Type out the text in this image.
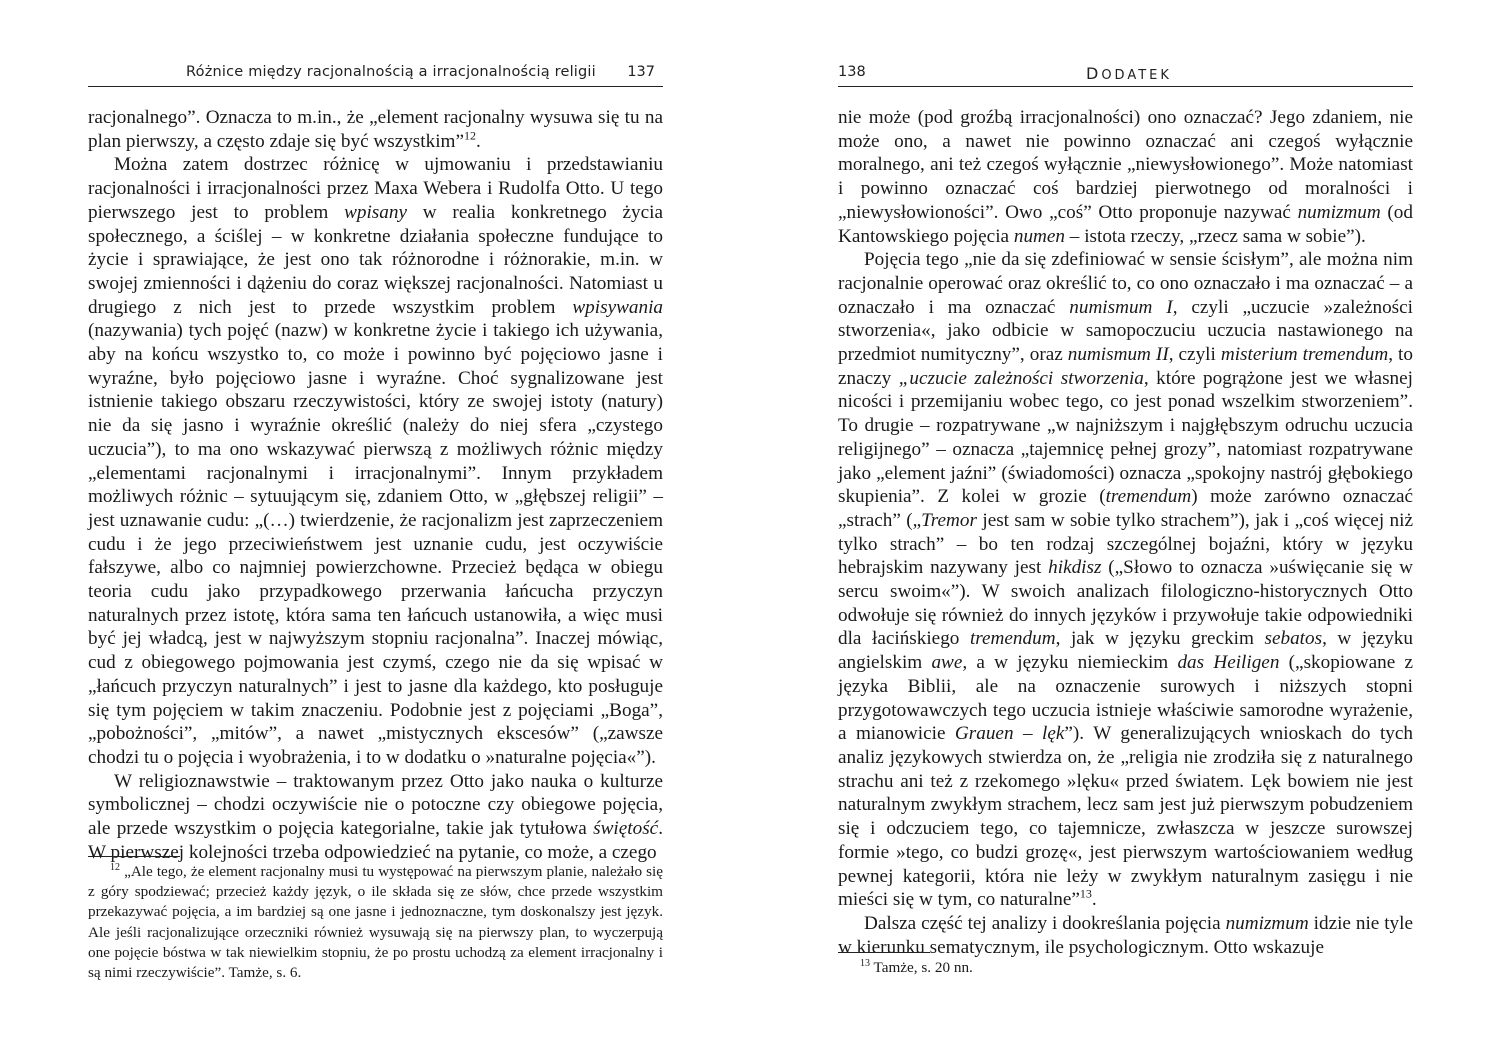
Różnice między racjonalnością a irracjonalnością religii 137

racjonalnego”. Oznacza to m.in., że „element racjonalny wysuwa się tu na plan pierwszy, a często zdaje się być wszystkim”$^{12}$.

Można zatem dostrzec różnicę w ujmowaniu i przedstawianiu racjonalności i irracjonalności przez Maxa Webera i Rudolfa Otto. U tego pierwszego jest to problem wpisany w realia konkretnego życia społecznego, a ściślej – w konkretne działania społeczne fundujące to życie i sprawiające, że jest ono tak różnorodne i różnorakie, m.in. w swojej zmienności i dążeniu do coraz większej racjonalności. Natomiast u drugiego z nich jest to przede wszystkim problem wpisywania (nazywania) tych pojęć (nazw) w konkretne życie i takiego ich używania, aby na końcu wszystko to, co może i powinno być pojęciowo jasne i wyraźne, było pojęciowo jasne i wyraźne. Choć sygnalizowane jest istnienie takiego obszaru rzeczywistości, który ze swojej istoty (natury) nie da się jasno i wyraźnie określić (należy do niej sfera „czystego uczucia”), to ma ono wskazywać pierwszą z możliwych różnic między „elementami racjonalnymi i irracjonalnymi”. Innym przykładem możliwych różnic – sytuującym się, zdaniem Otto, w „głębszej religii” – jest uznawanie cudu: „(…) twierdzenie, że racjonalizm jest zaprzeczeniem cudu i że jego przeciwieństwem jest uznanie cudu, jest oczywiście fałszywe, albo co najmniej powierzchowne. Przecież będąca w obiegu teoria cudu jako przypadkowego przerwania łańcucha przyczyn naturalnych przez istotę, która sama ten łańcuch ustanowiła, a więc musi być jej władcą, jest w najwyższym stopniu racjonalna”. Inaczej mówiąc, cud z obiegowego pojmowania jest czymś, czego nie da się wpisać w „łańcuch przyczyn naturalnych” i jest to jasne dla każdego, kto posługuje się tym pojęciem w takim znaczeniu. Podobnie jest z pojęciami „Boga”, „pobożności”, „mitów”, a nawet „mistycznych ekscesów” („zawsze chodzi tu o pojęcia i wyobrażenia, i to w dodatku o »naturalne pojęcia«”).

W religioznawstwie – traktowanym przez Otto jako nauka o kulturze symbolicznej – chodzi oczywiście nie o potoczne czy obiegowe pojęcia, ale przede wszystkim o pojęcia kategorialne, takie jak tytułowa świętość. W pierwszej kolejności trzeba odpowiedzieć na pytanie, co może, a czego

$^{12}$ „Ale tego, że element racjonalny musi tu występować na pierwszym planie, należało się z góry spodziewać; przecież każdy język, o ile składa się ze słów, chce przede wszystkim przekazywać pojęcia, a im bardziej są one jasne i jednoznaczne, tym doskonalszy jest język. Ale jeśli racjonalizujące orzeczniki również wysuwają się na pierwszy plan, to wyczerpują one pojęcie bóstwa w tak niewielkim stopniu, że po prostu uchodzą za element irracjonalny i są nimi rzeczywiście”. Tamże, s. 6.

138	DODATEK

nie może (pod groźbą irracjonalności) ono oznaczać? Jego zdaniem, nie może ono, a nawet nie powinno oznaczać ani czegoś wyłącznie moralnego, ani też czegoś wyłącznie „niewysłowionego”. Może natomiast i powinno oznaczać coś bardziej pierwotnego od moralności i „niewysłowioności”. Owo „coś” Otto proponuje nazywać numizmum (od Kantowskiego pojęcia numen – istota rzeczy, „rzecz sama w sobie”).

Pojęcia tego „nie da się zdefiniować w sensie ścisłym”, ale można nim racjonalnie operować oraz określić to, co ono oznaczało i ma oznaczać – a oznaczało i ma oznaczać numismum I, czyli „uczucie »zależności stworzenia«, jako odbicie w samopoczuciu uczucia nastawionego na przedmiot numityczny”, oraz numismum II, czyli misterium tremendum, to znaczy „uczucie zależności stworzenia, które pogrążone jest we własnej nicości i przemijaniu wobec tego, co jest ponad wszelkim stworzeniem”. To drugie – rozpatrywane „w najniższym i najgłębszym odruchu uczucia religijnego” – oznacza „tajemnicę pełnej grozy”, natomiast rozpatrywane jako „element jaźni” (świadomości) oznacza „spokojny nastrój głębokiego skupienia”. Z kolei w grozie (tremendum) może zarówno oznaczać „strach” („Tremor jest sam w sobie tylko strachem”), jak i „coś więcej niż tylko strach” – bo ten rodzaj szczególnej bojaźni, który w języku hebrajskim nazywany jest hikdisz („Słowo to oznacza »uświęcanie się w sercu swoim«”). W swoich analizach filologiczno-historycznych Otto odwołuje się również do innych języków i przywołuje takie odpowiedniki dla łacińskiego tremendum, jak w języku greckim sebatos, w języku angielskim awe, a w języku niemieckim das Heiligen („skopiowane z języka Biblii, ale na oznaczenie surowych i niższych stopni przygotowawczych tego uczucia istnieje właściwie samorodne wyrażenie, a mianowicie Grauen – lęk”). W generalizujących wnioskach do tych analiz językowych stwierdza on, że „religia nie zrodziła się z naturalnego strachu ani też z rzekomego »lęku« przed światem. Lęk bowiem nie jest naturalnym zwykłym strachem, lecz sam jest już pierwszym pobudzeniem się i odczuciem tego, co tajemnicze, zwłaszcza w jeszcze surowszej formie »tego, co budzi grozę«, jest pierwszym wartościowaniem według pewnej kategorii, która nie leży w zwykłym naturalnym zasięgu i nie mieści się w tym, co naturalne”$^{13}$.

Dalsza część tej analizy i dookreślania pojęcia numizmum idzie nie tyle w kierunku sematycznym, ile psychologicznym. Otto wskazuje

$^{13}$ Tamże, s. 20 nn.
